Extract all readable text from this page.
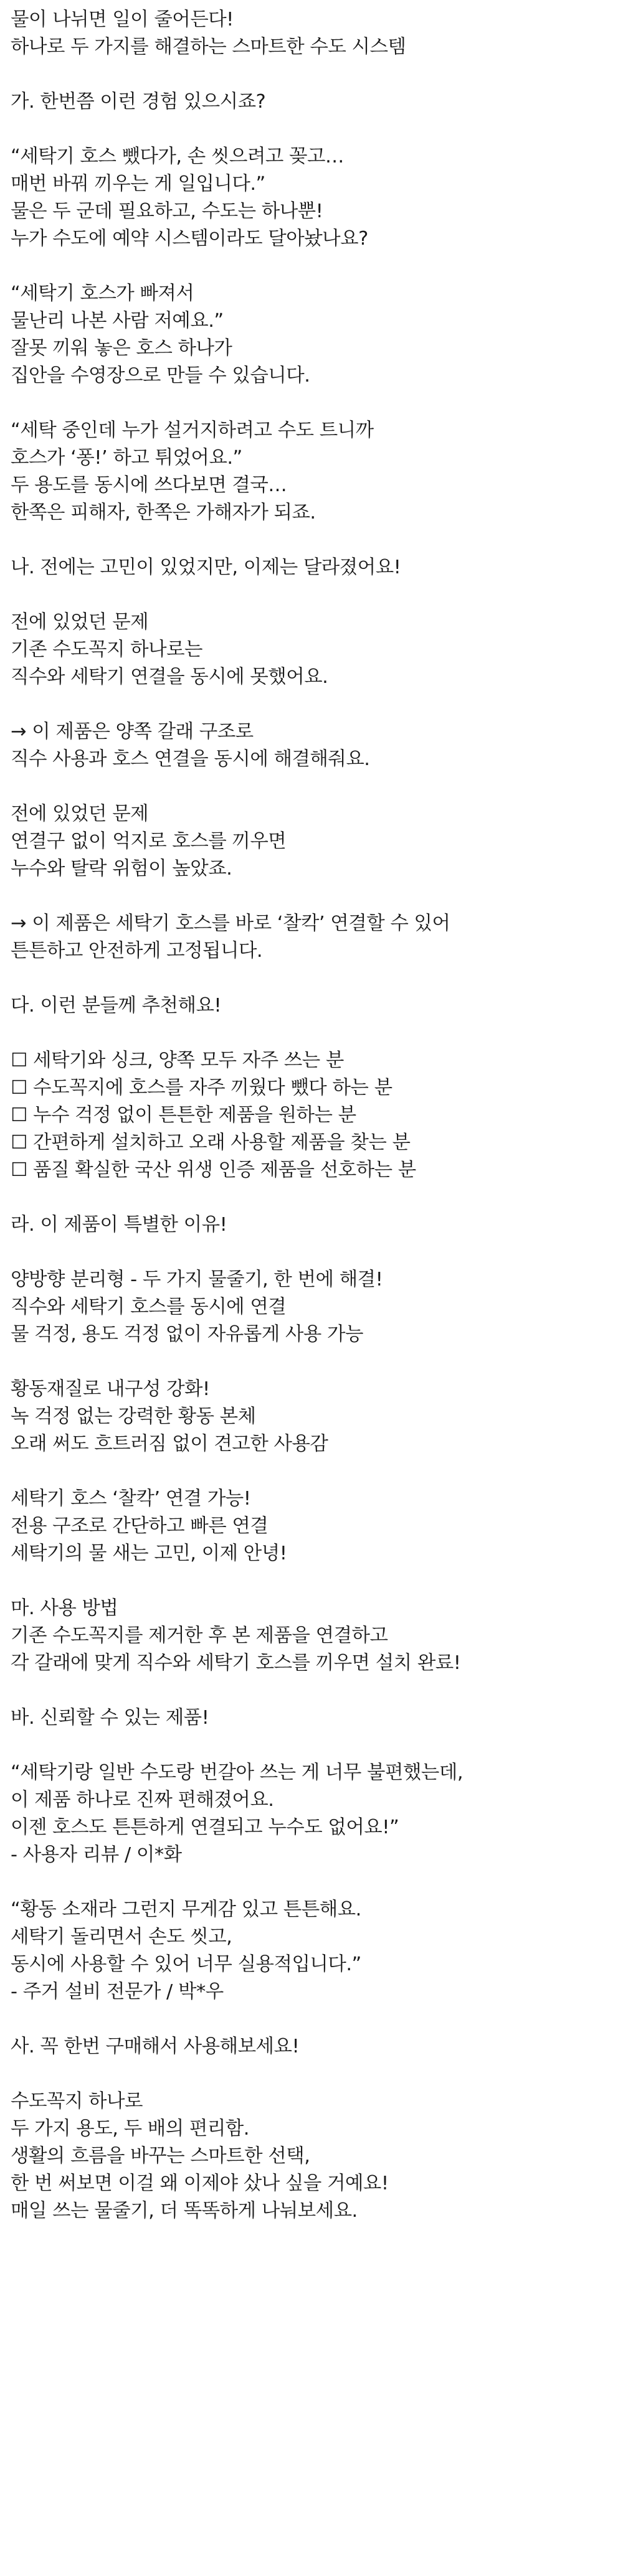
물이 나뉘면 일이 줄어든다!
하나로 두 가지를 해결하는 스마트한 수도 시스템
가. 한번쯤 이런 경험 있으시죠?
“세탁기 호스 뺐다가, 손 씻으려고 꽂고…
매번 바꿔 끼우는 게 일입니다.”
물은 두 군데 필요하고, 수도는 하나뿐!
누가 수도에 예약 시스템이라도 달아놨나요?
“세탁기 호스가 빠져서
물난리 나본 사람 저예요.”
잘못 끼워 놓은 호스 하나가
집안을 수영장으로 만들 수 있습니다.
“세탁 중인데 누가 설거지하려고 수도 트니까
호스가 ‘퐁!’ 하고 튀었어요.”
두 용도를 동시에 쓰다보면 결국…
한쪽은 피해자, 한쪽은 가해자가 되죠.
나. 전에는 고민이 있었지만, 이제는 달라졌어요!
전에 있었던 문제
기존 수도꼭지 하나로는
직수와 세탁기 연결을 동시에 못했어요.
→ 이 제품은 양쪽 갈래 구조로
직수 사용과 호스 연결을 동시에 해결해줘요.
전에 있었던 문제
연결구 없이 억지로 호스를 끼우면
누수와 탈락 위험이 높았죠.
→ 이 제품은 세탁기 호스를 바로 ‘찰칵’ 연결할 수 있어
튼튼하고 안전하게 고정됩니다.
다. 이런 분들께 추천해요!
☐ 세탁기와 싱크, 양쪽 모두 자주 쓰는 분
☐ 수도꼭지에 호스를 자주 끼웠다 뺐다 하는 분
☐ 누수 걱정 없이 튼튼한 제품을 원하는 분
☐ 간편하게 설치하고 오래 사용할 제품을 찾는 분
☐ 품질 확실한 국산 위생 인증 제품을 선호하는 분
라. 이 제품이 특별한 이유!
양방향 분리형 - 두 가지 물줄기, 한 번에 해결!
직수와 세탁기 호스를 동시에 연결
물 걱정, 용도 걱정 없이 자유롭게 사용 가능
황동재질로 내구성 강화!
녹 걱정 없는 강력한 황동 본체
오래 써도 흐트러짐 없이 견고한 사용감
세탁기 호스 ‘찰칵’ 연결 가능!
전용 구조로 간단하고 빠른 연결
세탁기의 물 새는 고민, 이제 안녕!
마. 사용 방법
기존 수도꼭지를 제거한 후 본 제품을 연결하고
각 갈래에 맞게 직수와 세탁기 호스를 끼우면 설치 완료!
바. 신뢰할 수 있는 제품!
“세탁기랑 일반 수도랑 번갈아 쓰는 게 너무 불편했는데,
이 제품 하나로 진짜 편해졌어요.
이젠 호스도 튼튼하게 연결되고 누수도 없어요!”
- 사용자 리뷰 / 이*화
“황동 소재라 그런지 무게감 있고 튼튼해요.
세탁기 돌리면서 손도 씻고,
동시에 사용할 수 있어 너무 실용적입니다.”
- 주거 설비 전문가 / 박*우
사. 꼭 한번 구매해서 사용해보세요!
수도꼭지 하나로
두 가지 용도, 두 배의 편리함.
생활의 흐름을 바꾸는 스마트한 선택,
한 번 써보면 이걸 왜 이제야 샀나 싶을 거예요!
매일 쓰는 물줄기, 더 똑똑하게 나눠보세요.
